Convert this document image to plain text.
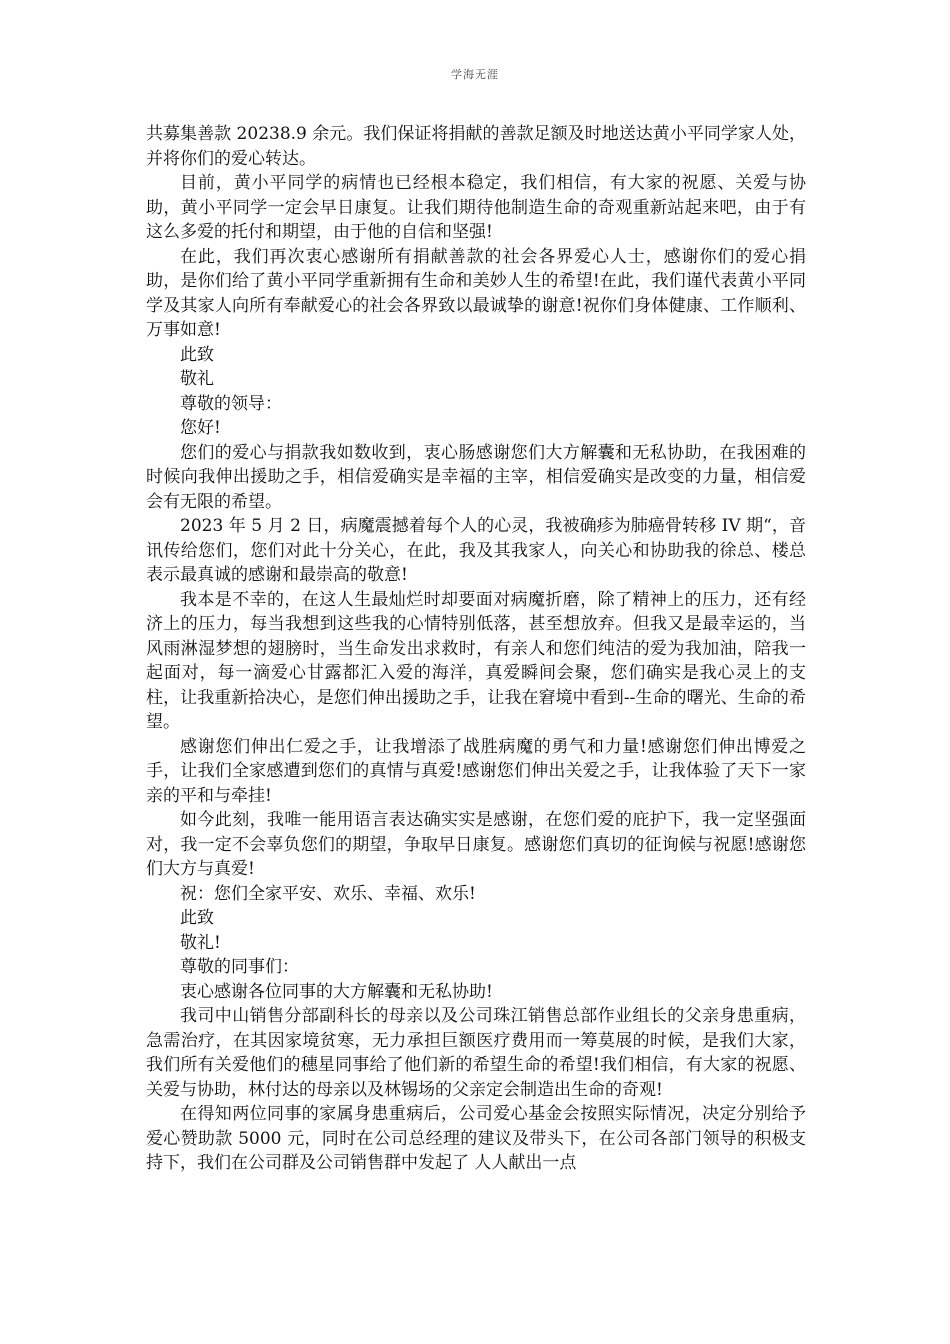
学海无涯

共募集善款 20238.9 余元。我们保证将捐献的善款足额及时地送达黄小平同学家人处，并将你们的爱心转达。

目前，黄小平同学的病情也已经根本稳定，我们相信，有大家的祝愿、关爱与协助，黄小平同学一定会早日康复。让我们期待他制造生命的奇观重新站起来吧，由于有这么多爱的托付和期望，由于他的自信和坚强!

在此，我们再次衷心感谢所有捐献善款的社会各界爱心人士，感谢你们的爱心捐助，是你们给了黄小平同学重新拥有生命和美妙人生的希望!在此，我们谨代表黄小平同学及其家人向所有奉献爱心的社会各界致以最诚挚的谢意!祝你们身体健康、工作顺利、万事如意!

此致

敬礼

尊敬的领导：

您好!

您们的爱心与捐款我如数收到，衷心肠感谢您们大方解囊和无私协助，在我困难的时候向我伸出援助之手，相信爱确实是幸福的主宰，相信爱确实是改变的力量，相信爱会有无限的希望。

2023 年 5 月 2 日，病魔震撼着每个人的心灵，我被确疹为肺癌骨转移 IV 期“，音讯传给您们，您们对此十分关心，在此，我及其我家人，向关心和协助我的徐总、楼总表示最真诚的感谢和最崇高的敬意!

我本是不幸的，在这人生最灿烂时却要面对病魔折磨，除了精神上的压力，还有经济上的压力，每当我想到这些我的心情特别低落，甚至想放弃。但我又是最幸运的，当风雨淋湿梦想的翅膀时，当生命发出求救时，有亲人和您们纯洁的爱为我加油，陪我一起面对，每一滴爱心甘露都汇入爱的海洋，真爱瞬间会聚，您们确实是我心灵上的支柱，让我重新拾决心，是您们伸出援助之手，让我在窘境中看到--生命的曙光、生命的希望。

感谢您们伸出仁爱之手，让我增添了战胜病魔的勇气和力量!感谢您们伸出博爱之手，让我们全家感遭到您们的真情与真爱!感谢您们伸出关爱之手，让我体验了天下一家亲的平和与牵挂!

如今此刻，我唯一能用语言表达确实实是感谢，在您们爱的庇护下，我一定坚强面对，我一定不会辜负您们的期望，争取早日康复。感谢您们真切的征询候与祝愿!感谢您们大方与真爱!

祝：您们全家平安、欢乐、幸福、欢乐!

此致

敬礼!

尊敬的同事们：

衷心感谢各位同事的大方解囊和无私协助!

我司中山销售分部副科长的母亲以及公司珠江销售总部作业组长的父亲身患重病，急需治疗，在其因家境贫寒，无力承担巨额医疗费用而一筹莫展的时候，是我们大家，我们所有关爱他们的穗星同事给了他们新的希望生命的希望!我们相信，有大家的祝愿、关爱与协助，林付达的母亲以及林锡场的父亲定会制造出生命的奇观!

在得知两位同事的家属身患重病后，公司爱心基金会按照实际情况，决定分别给予爱心赞助款 5000 元，同时在公司总经理的建议及带头下，在公司各部门领导的积极支持下，我们在公司群及公司销售群中发起了 人人献出一点
